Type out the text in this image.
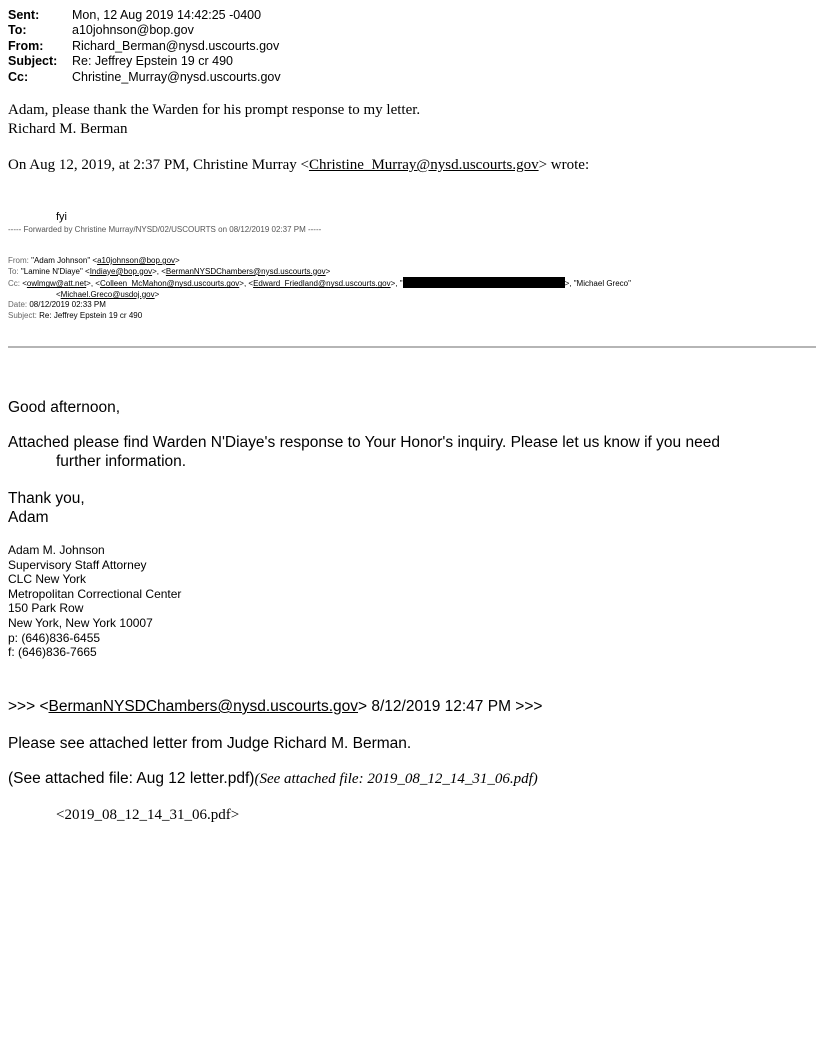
Sent:	Mon, 12 Aug 2019 14:42:25 -0400
To:	a10johnson@bop.gov
From:	Richard_Berman@nysd.uscourts.gov
Subject:	Re: Jeffrey Epstein 19 cr 490
Cc:	Christine_Murray@nysd.uscourts.gov
Adam, please thank the Warden for his prompt response to my letter.
Richard M. Berman
On Aug 12, 2019, at 2:37 PM, Christine Murray <Christine_Murray@nysd.uscourts.gov> wrote:
fyi
----- Forwarded by Christine Murray/NYSD/02/USCOURTS on 08/12/2019 02:37 PM -----
From: "Adam Johnson" <a10johnson@bop.gov>
To: "Lamine N'Diaye" <Indiaye@bop.gov>, <BermanNYSDChambers@nysd.uscourts.gov>
Cc: <owlmgw@att.net>, <Colleen_McMahon@nysd.uscourts.gov>, <Edward_Friedland@nysd.uscourts.gov>, "	>, "Michael Greco"
<Michael.Greco@usdoj.gov>
Date: 08/12/2019 02:33 PM
Subject: Re: Jeffrey Epstein 19 cr 490
Good afternoon,
Attached please find Warden N'Diaye's response to Your Honor's inquiry. Please let us know if you need
further information.
Thank you,
Adam
Adam M. Johnson
Supervisory Staff Attorney
CLC New York
Metropolitan Correctional Center
150 Park Row
New York, New York 10007
p: (646)836-6455
f: (646)836-7665
>>> <BermanNYSDChambers@nysd.uscourts.gov> 8/12/2019 12:47 PM >>>
Please see attached letter from Judge Richard M. Berman.
(See attached file: Aug 12 letter.pdf)(See attached file: 2019_08_12_14_31_06.pdf)
<2019_08_12_14_31_06.pdf>
